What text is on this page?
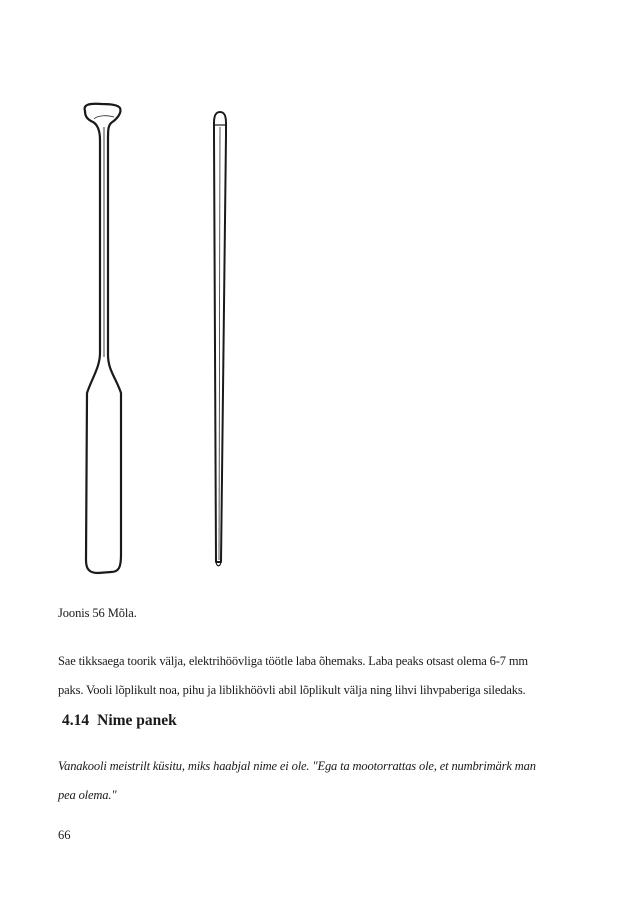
Joonis 56 Mõla.
Sae tikksaega toorik välja, elektrihöövliga töötle laba õhemaks. Laba peaks otsast olema 6-7 mm
paks. Vooli lõplikult noa, pihu ja liblikhöövli abil lõplikult välja ning lihvi lihvpaberiga siledaks.
4.14 Nime panek
Vanakooli meistrilt küsitu, miks haabjal nime ei ole. "Ega ta mootorrattas ole, et numbrimärk man
pea olema."
66
